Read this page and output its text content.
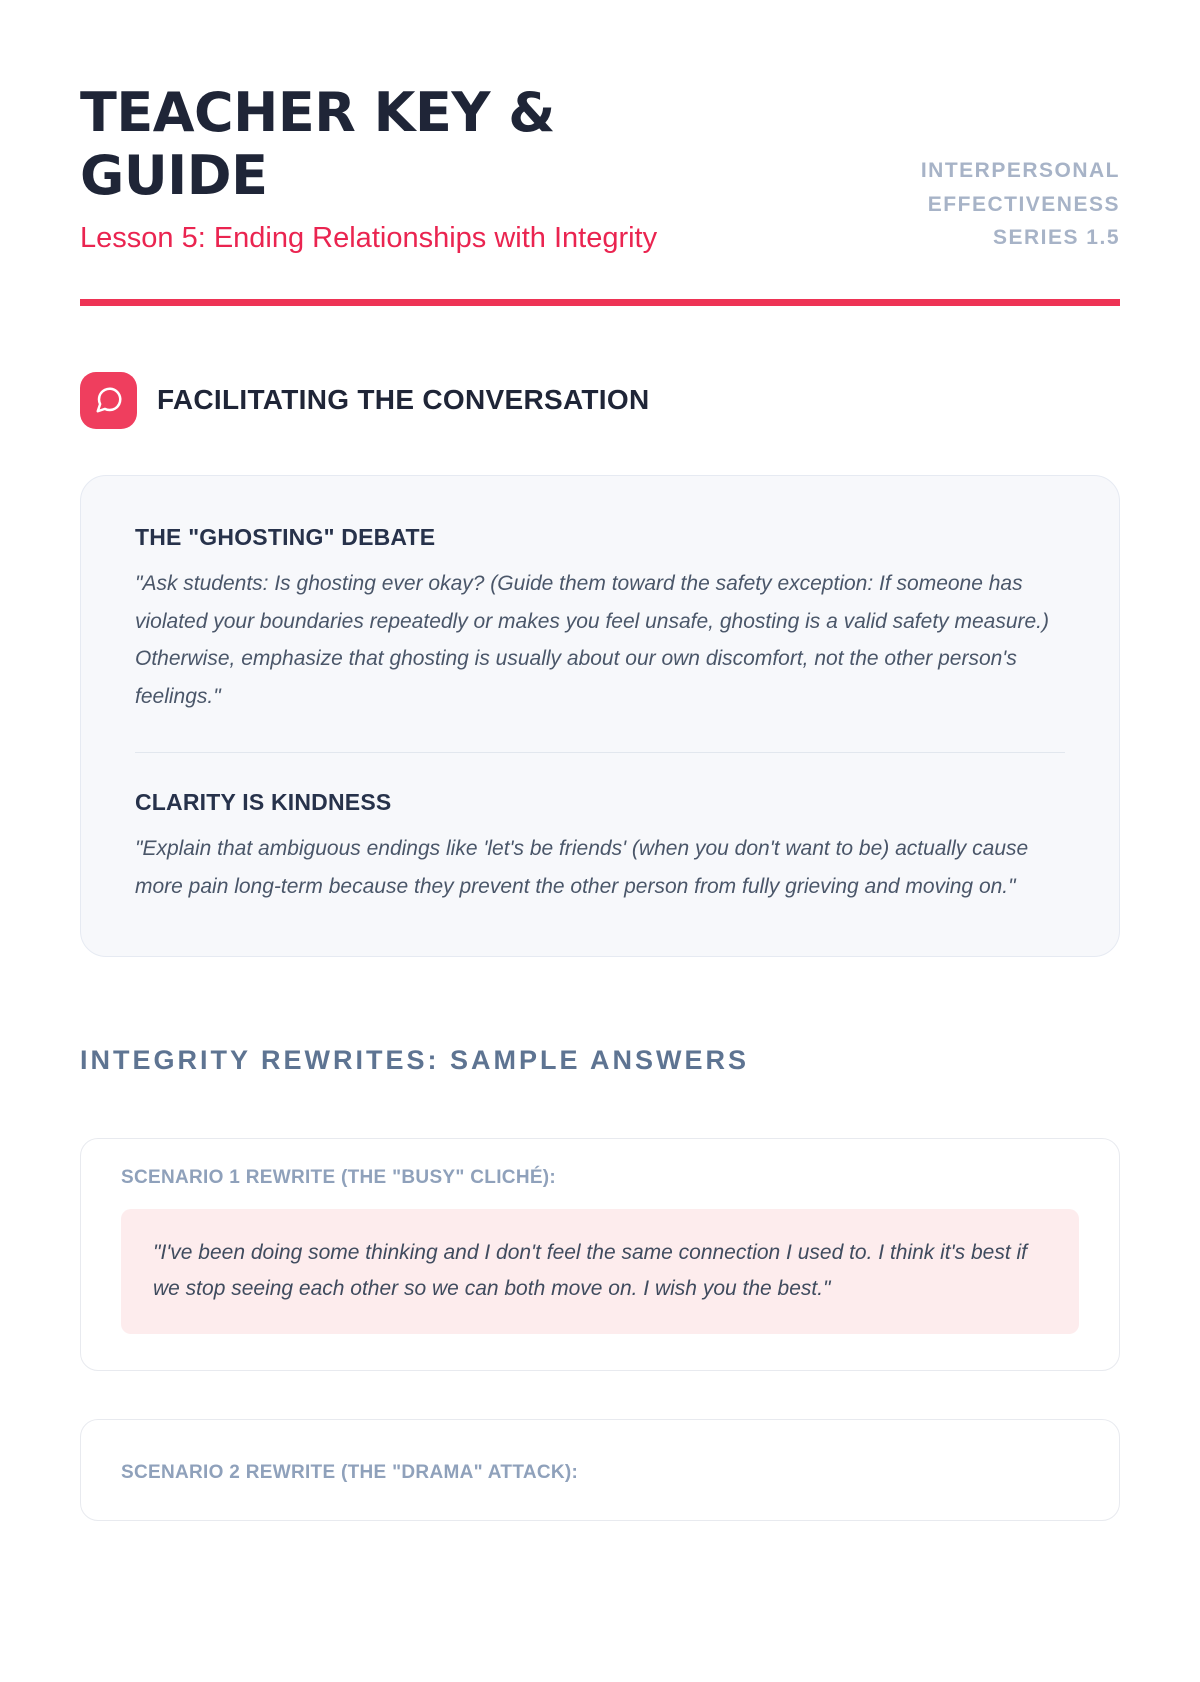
TEACHER KEY & GUIDE

Lesson 5: Ending Relationships with Integrity

INTERPERSONAL
EFFECTIVENESS
SERIES 1.5
FACILITATING THE CONVERSATION
THE "GHOSTING" DEBATE

"Ask students: Is ghosting ever okay? (Guide them toward the safety exception: If someone has violated your boundaries repeatedly or makes you feel unsafe, ghosting is a valid safety measure.) Otherwise, emphasize that ghosting is usually about our own discomfort, not the other person's feelings."

CLARITY IS KINDNESS

"Explain that ambiguous endings like 'let's be friends' (when you don't want to be) actually cause more pain long-term because they prevent the other person from fully grieving and moving on."

INTEGRITY REWRITES: SAMPLE ANSWERS
SCENARIO 1 REWRITE (THE "BUSY" CLICHÉ):

"I've been doing some thinking and I don't feel the same connection I used to. I think it's best if we stop seeing each other so we can both move on. I wish you the best."

SCENARIO 2 REWRITE (THE "DRAMA" ATTACK):
